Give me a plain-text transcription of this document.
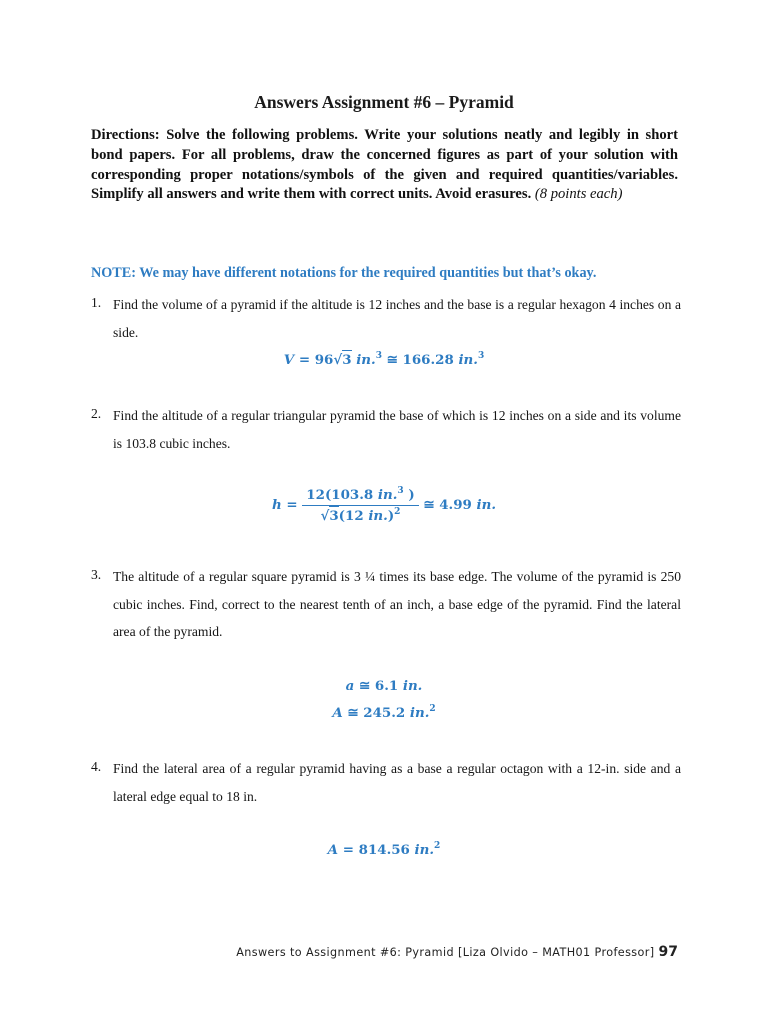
Answers Assignment #6 – Pyramid
Directions: Solve the following problems. Write your solutions neatly and legibly in short bond papers. For all problems, draw the concerned figures as part of your solution with corresponding proper notations/symbols of the given and required quantities/variables. Simplify all answers and write them with correct units. Avoid erasures. (8 points each)
NOTE: We may have different notations for the required quantities but that’s okay.
1. Find the volume of a pyramid if the altitude is 12 inches and the base is a regular hexagon 4 inches on a side.
V = 96√3 in.$^3$ ≅ 166.28 in.$^3$
2. Find the altitude of a regular triangular pyramid the base of which is 12 inches on a side and its volume is 103.8 cubic inches.
$h = \frac{12(103.8 in.^3 )}{√3(12 in.)^2}$ ≅ 4.99 in.
3. The altitude of a regular square pyramid is 3 ¼ times its base edge. The volume of the pyramid is 250 cubic inches. Find, correct to the nearest tenth of an inch, a base edge of the pyramid. Find the lateral area of the pyramid.
a ≅ 6.1 in.
A ≅ 245.2 in.$^2$
4. Find the lateral area of a regular pyramid having as a base a regular octagon with a 12-in. side and a lateral edge equal to 18 in.
A = 814.56 in.$^2$
Answers to Assignment #6: Pyramid [Liza Olvido – MATH01 Professor] 97
